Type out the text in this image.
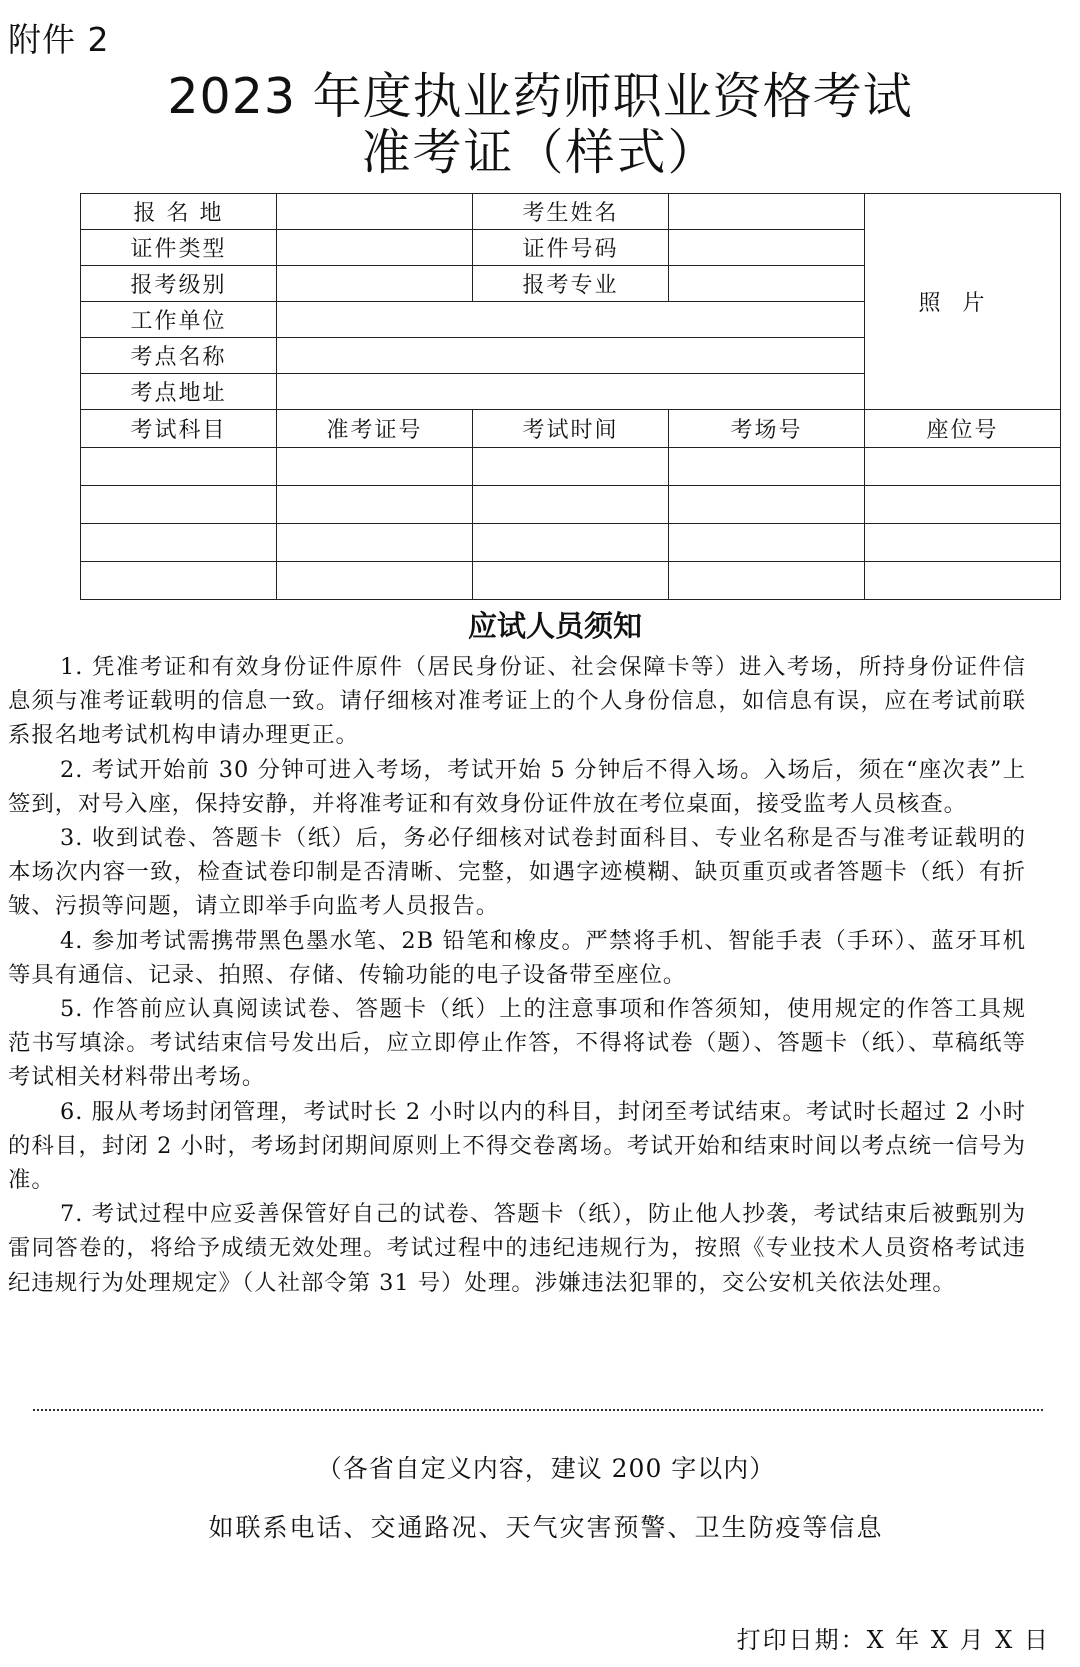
附件 2
2023 年度执业药师职业资格考试
准考证（样式）
报 名 地		考生姓名		照片
证件类型		证件号码		
报考级别		报考专业		
工作单位				
考点名称				
考点地址				
考试科目	准考证号	考试时间	考场号	座位号

应试人员须知

1. 凭准考证和有效身份证件原件（居民身份证、社会保障卡等）进入考场，所持身份证件信息须与准考证载明的信息一致。请仔细核对准考证上的个人身份信息，如信息有误，应在考试前联系报名地考试机构申请办理更正。

2. 考试开始前 30 分钟可进入考场，考试开始 5 分钟后不得入场。入场后，须在“座次表”上签到，对号入座，保持安静，并将准考证和有效身份证件放在考位桌面，接受监考人员核查。

3. 收到试卷、答题卡（纸）后，务必仔细核对试卷封面科目、专业名称是否与准考证载明的本场次内容一致，检查试卷印制是否清晰、完整，如遇字迹模糊、缺页重页或者答题卡（纸）有折皱、污损等问题，请立即举手向监考人员报告。

4. 参加考试需携带黑色墨水笔、2B 铅笔和橡皮。严禁将手机、智能手表（手环）、蓝牙耳机等具有通信、记录、拍照、存储、传输功能的电子设备带至座位。

5. 作答前应认真阅读试卷、答题卡（纸）上的注意事项和作答须知，使用规定的作答工具规范书写填涂。考试结束信号发出后，应立即停止作答，不得将试卷（题）、答题卡（纸）、草稿纸等考试相关材料带出考场。

6. 服从考场封闭管理，考试时长 2 小时以内的科目，封闭至考试结束。考试时长超过 2 小时的科目，封闭 2 小时，考场封闭期间原则上不得交卷离场。考试开始和结束时间以考点统一信号为准。

7. 考试过程中应妥善保管好自己的试卷、答题卡（纸），防止他人抄袭，考试结束后被甄别为雷同答卷的，将给予成绩无效处理。考试过程中的违纪违规行为，按照《专业技术人员资格考试违纪违规行为处理规定》（人社部令第 31 号）处理。涉嫌违法犯罪的，交公安机关依法处理。

（各省自定义内容，建议 200 字以内）
如联系电话、交通路况、天气灾害预警、卫生防疫等信息
打印日期：X 年 X 月 X 日
